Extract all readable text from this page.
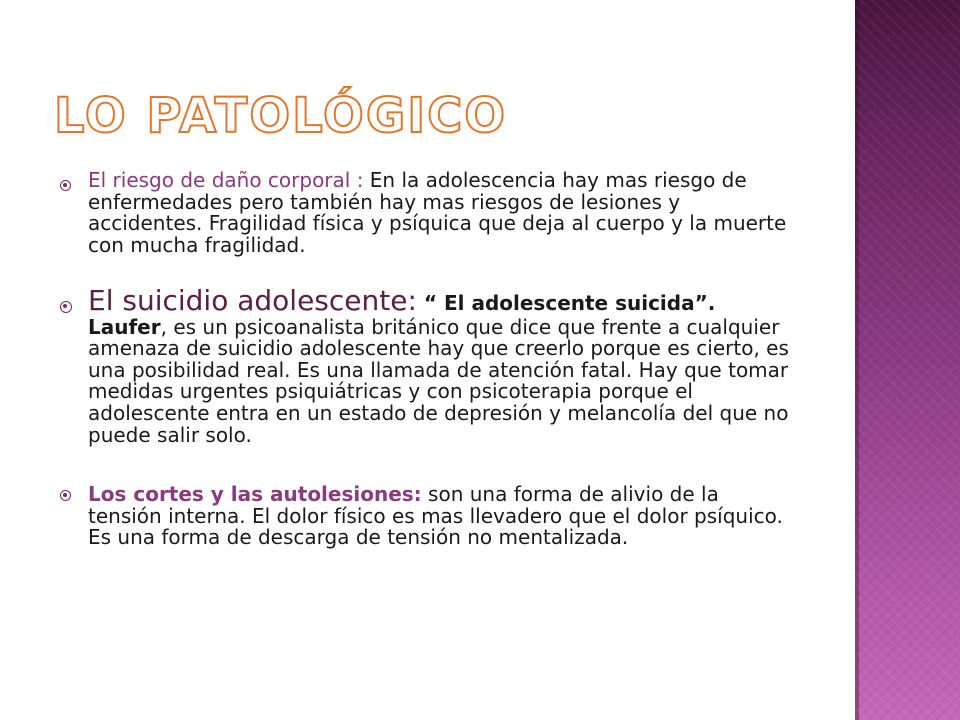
LO PATOLÓGICO
El riesgo de daño corporal : En la adolescencia hay mas riesgo de enfermedades pero también hay mas riesgos de lesiones y accidentes. Fragilidad física y psíquica que deja al cuerpo y la muerte con mucha fragilidad.
El suicidio adolescente: “ El adolescente suicida”. Laufer, es un psicoanalista británico que dice que frente a cualquier amenaza de suicidio adolescente hay que creerlo porque es cierto, es una posibilidad real. Es una llamada de atención fatal. Hay que tomar medidas urgentes psiquiátricas y con psicoterapia porque el adolescente entra en un estado de depresión y melancolía del que no puede salir solo.
Los cortes y las autolesiones: son una forma de alivio de la tensión interna. El dolor físico es mas llevadero que el dolor psíquico. Es una forma de descarga de tensión no mentalizada.
